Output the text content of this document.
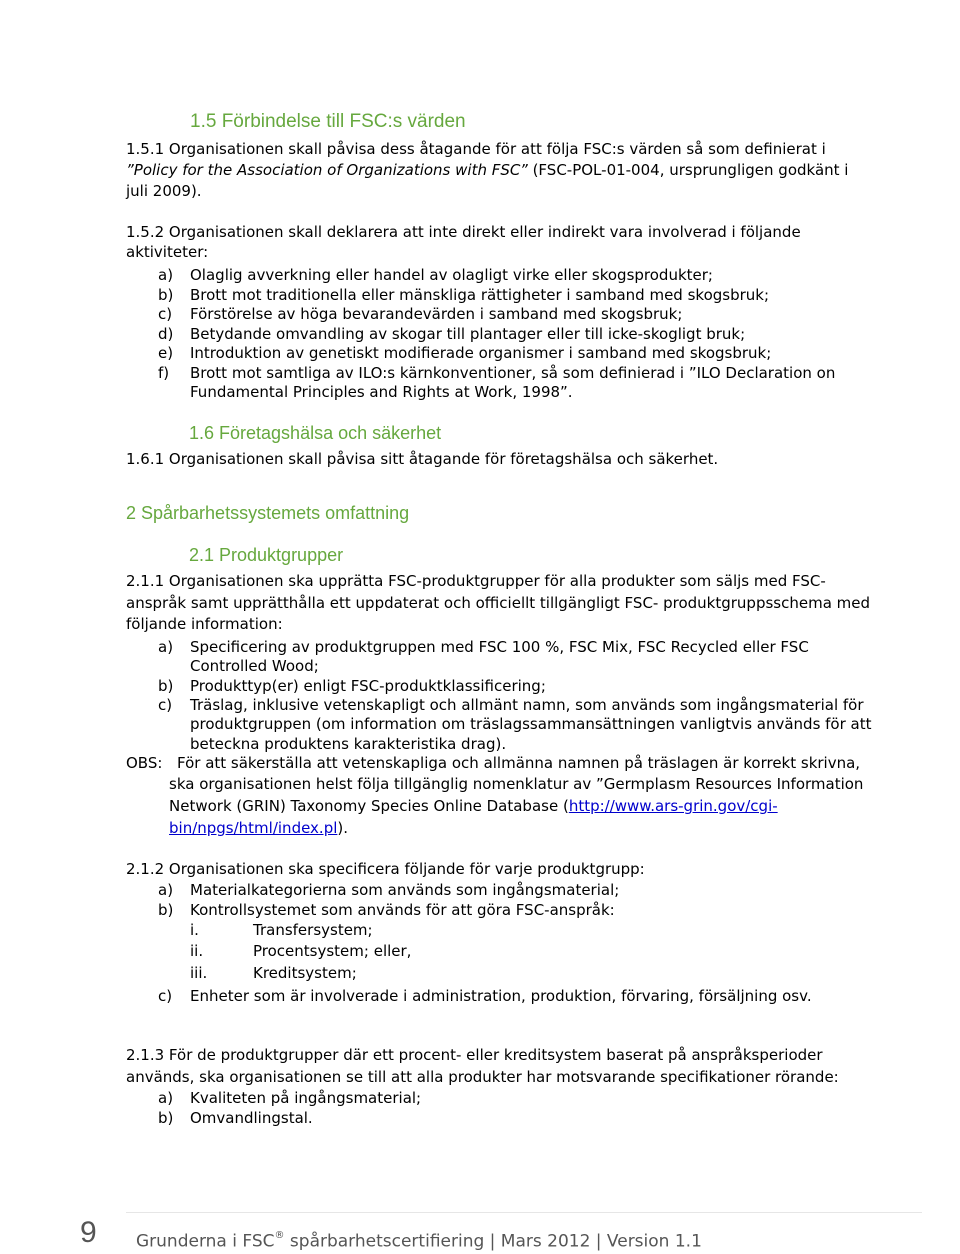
1.5 Förbindelse till FSC:s värden
1.5.1 Organisationen skall påvisa dess åtagande för att följa FSC:s värden så som definierat i
”Policy for the Association of Organizations with FSC” (FSC-POL-01-004, ursprungligen godkänt i
juli 2009).
1.5.2 Organisationen skall deklarera att inte direkt eller indirekt vara involverad i följande
aktiviteter:
a) Olaglig avverkning eller handel av olagligt virke eller skogsprodukter;
b) Brott mot traditionella eller mänskliga rättigheter i samband med skogsbruk;
c) Förstörelse av höga bevarandevärden i samband med skogsbruk;
d) Betydande omvandling av skogar till plantager eller till icke-skogligt bruk;
e) Introduktion av genetiskt modifierade organismer i samband med skogsbruk;
f) Brott mot samtliga av ILO:s kärnkonventioner, så som definierad i ”ILO Declaration on
Fundamental Principles and Rights at Work, 1998”.
1.6 Företagshälsa och säkerhet
1.6.1 Organisationen skall påvisa sitt åtagande för företagshälsa och säkerhet.
2 Spårbarhetssystemets omfattning
2.1 Produktgrupper
2.1.1 Organisationen ska upprätta FSC-produktgrupper för alla produkter som säljs med FSC-
anspråk samt upprätthålla ett uppdaterat och officiellt tillgängligt FSC- produktgruppsschema med
följande information:
a) Specificering av produktgruppen med FSC 100 %, FSC Mix, FSC Recycled eller FSC
Controlled Wood;
b) Produkttyp(er) enligt FSC-produktklassificering;
c) Träslag, inklusive vetenskapligt och allmänt namn, som används som ingångsmaterial för
produktgruppen (om information om träslagssammansättningen vanligtvis används för att
beteckna produktens karakteristika drag).
OBS: För att säkerställa att vetenskapliga och allmänna namnen på träslagen är korrekt skrivna,
ska organisationen helst följa tillgänglig nomenklatur av ”Germplasm Resources Information
Network (GRIN) Taxonomy Species Online Database (http://www.ars-grin.gov/cgi-
bin/npgs/html/index.pl).
2.1.2 Organisationen ska specificera följande för varje produktgrupp:
a) Materialkategorierna som används som ingångsmaterial;
b) Kontrollsystemet som används för att göra FSC-anspråk:
i.	Transfersystem;
ii.	Procentsystem; eller,
iii.	Kreditsystem;
c) Enheter som är involverade i administration, produktion, förvaring, försäljning osv.
2.1.3 För de produktgrupper där ett procent- eller kreditsystem baserat på anspråksperioder
används, ska organisationen se till att alla produkter har motsvarande specifikationer rörande:
a) Kvaliteten på ingångsmaterial;
b) Omvandlingstal.
9 Grunderna i FSC® spårbarhetscertifiering | Mars 2012 | Version 1.1
